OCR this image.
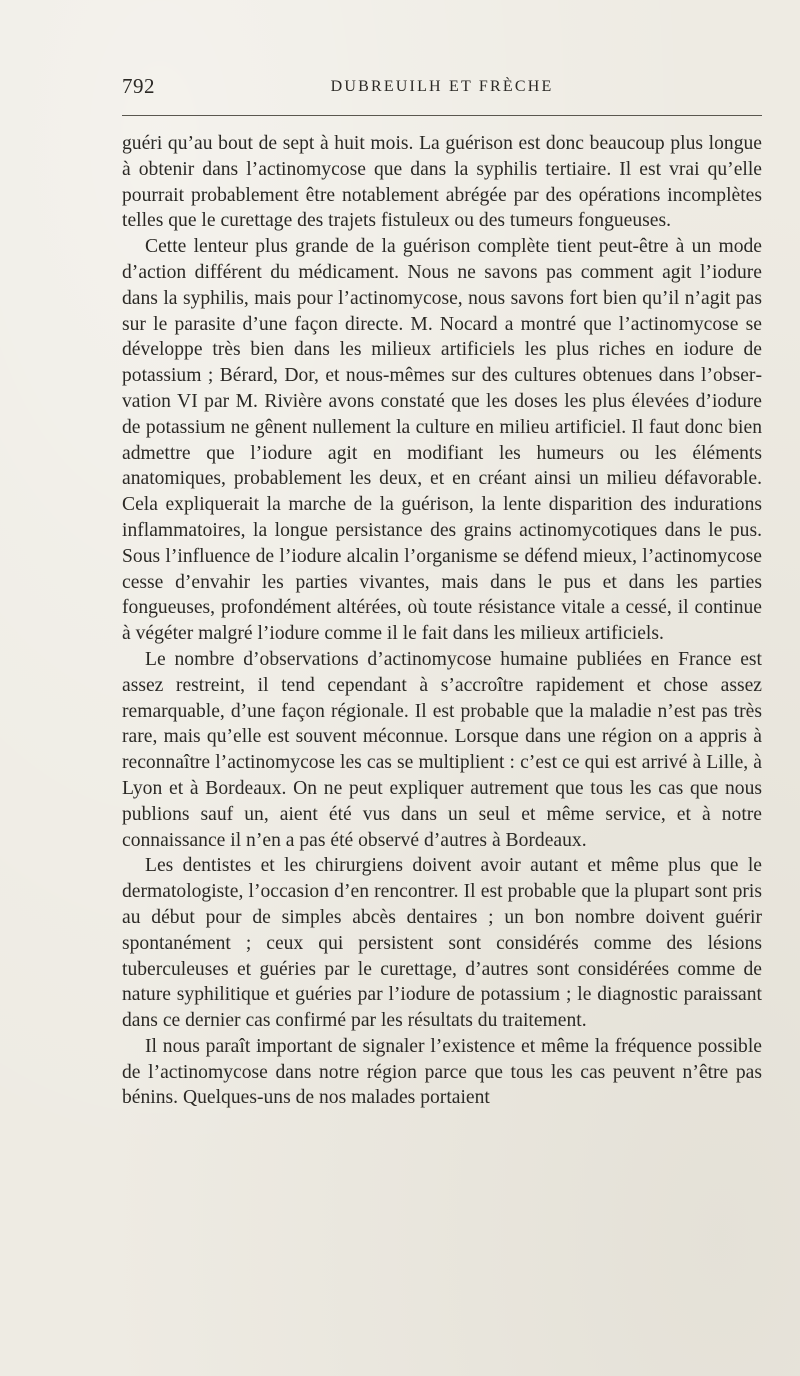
792	DUBREUILH ET FRÈCHE

guéri qu’au bout de sept à huit mois. La guérison est donc beaucoup plus longue à obtenir dans l’actinomycose que dans la syphilis tertiaire. Il est vrai qu’elle pourrait probablement être notablement abrégée par des opérations incomplètes telles que le curettage des trajets fistuleux ou des tumeurs fongueuses.

Cette lenteur plus grande de la guérison complète tient peut-être à un mode d’action différent du médicament. Nous ne savons pas comment agit l’iodure dans la syphilis, mais pour l’actinomycose, nous savons fort bien qu’il n’agit pas sur le parasite d’une façon directe. M. Nocard a montré que l’actinomycose se développe très bien dans les milieux artificiels les plus riches en iodure de potassium ; Bérard, Dor, et nous-mêmes sur des cultures obtenues dans l’observation VI par M. Rivière avons constaté que les doses les plus élevées d’iodure de potassium ne gênent nullement la culture en milieu artificiel. Il faut donc bien admettre que l’iodure agit en modifiant les humeurs ou les éléments anatomiques, probablement les deux, et en créant ainsi un milieu défavorable. Cela expliquerait la marche de la guérison, la lente disparition des indurations inflammatoires, la longue persistance des grains actinomycotiques dans le pus. Sous l’influence de l’iodure alcalin l’organisme se défend mieux, l’actinomycose cesse d’envahir les parties vivantes, mais dans le pus et dans les parties fongueuses, profondément altérées, où toute résistance vitale a cessé, il continue à végéter malgré l’iodure comme il le fait dans les milieux artificiels.

Le nombre d’observations d’actinomycose humaine publiées en France est assez restreint, il tend cependant à s’accroître rapidement et chose assez remarquable, d’une façon régionale. Il est probable que la maladie n’est pas très rare, mais qu’elle est souvent méconnue. Lorsque dans une région on a appris à reconnaître l’actinomycose les cas se multiplient : c’est ce qui est arrivé à Lille, à Lyon et à Bordeaux. On ne peut expliquer autrement que tous les cas que nous publions sauf un, aient été vus dans un seul et même service, et à notre connaissance il n’en a pas été observé d’autres à Bordeaux.

Les dentistes et les chirurgiens doivent avoir autant et même plus que le dermatologiste, l’occasion d’en rencontrer. Il est probable que la plupart sont pris au début pour de simples abcès dentaires ; un bon nombre doivent guérir spontanément ; ceux qui persistent sont considérés comme des lésions tuberculeuses et guéries par le curettage, d’autres sont considérées comme de nature syphilitique et guéries par l’iodure de potassium ; le diagnostic paraissant dans ce dernier cas confirmé par les résultats du traitement.

Il nous paraît important de signaler l’existence et même la fréquence possible de l’actinomycose dans notre région parce que tous les cas peuvent n’être pas bénins. Quelques-uns de nos malades portaient
